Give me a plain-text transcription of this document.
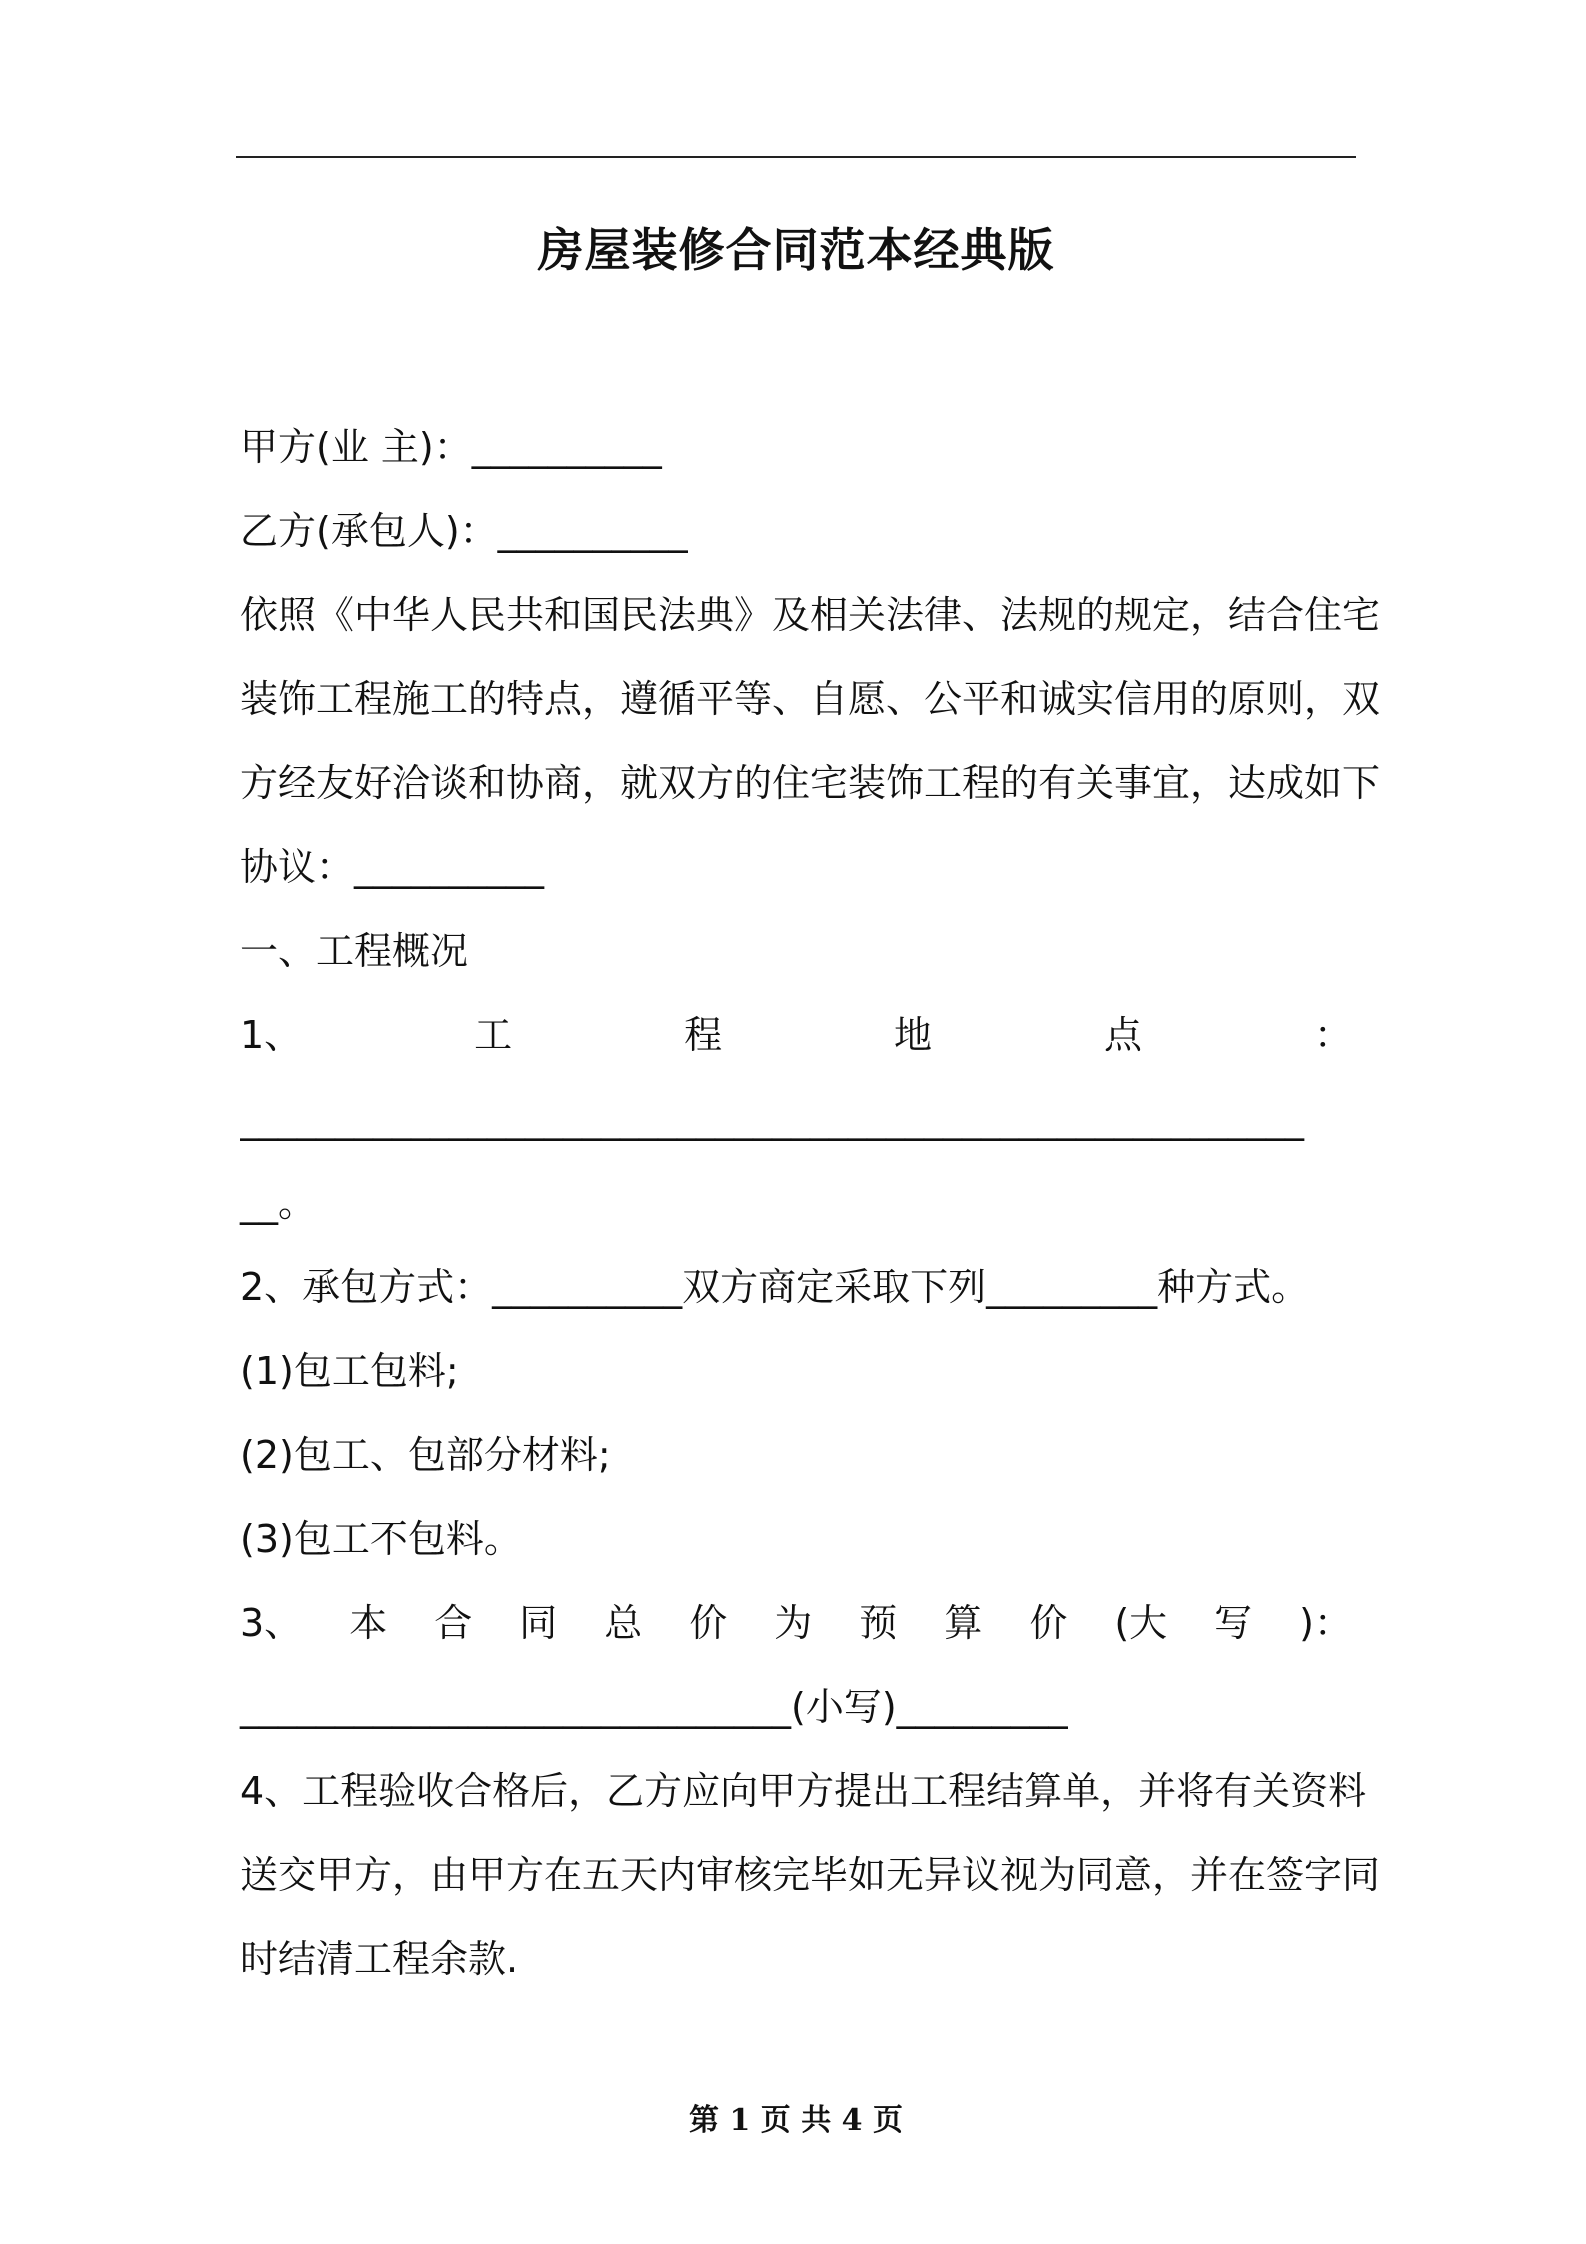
房屋装修合同范本经典版
甲方(业 主)：__________
乙方(承包人)：__________
依照《中华人民共和国民法典》及相关法律、法规的规定，结合住宅
装饰工程施工的特点，遵循平等、自愿、公平和诚实信用的原则，双
方经友好洽谈和协商，就双方的住宅装饰工程的有关事宜，达成如下
协议：__________
一、工程概况
1、	工	程	地	点	：
________________________________________________________
__。
2、承包方式：__________双方商定采取下列_________种方式。
(1)包工包料;
(2)包工、包部分材料;
(3)包工不包料。
3、 本 合 同 总 价 为 预 算 价 (大 写 )：
_____________________________(小写)_________
4、工程验收合格后，乙方应向甲方提出工程结算单，并将有关资料
送交甲方，由甲方在五天内审核完毕如无异议视为同意，并在签字同
时结清工程余款.
第 1 页 共 4 页
